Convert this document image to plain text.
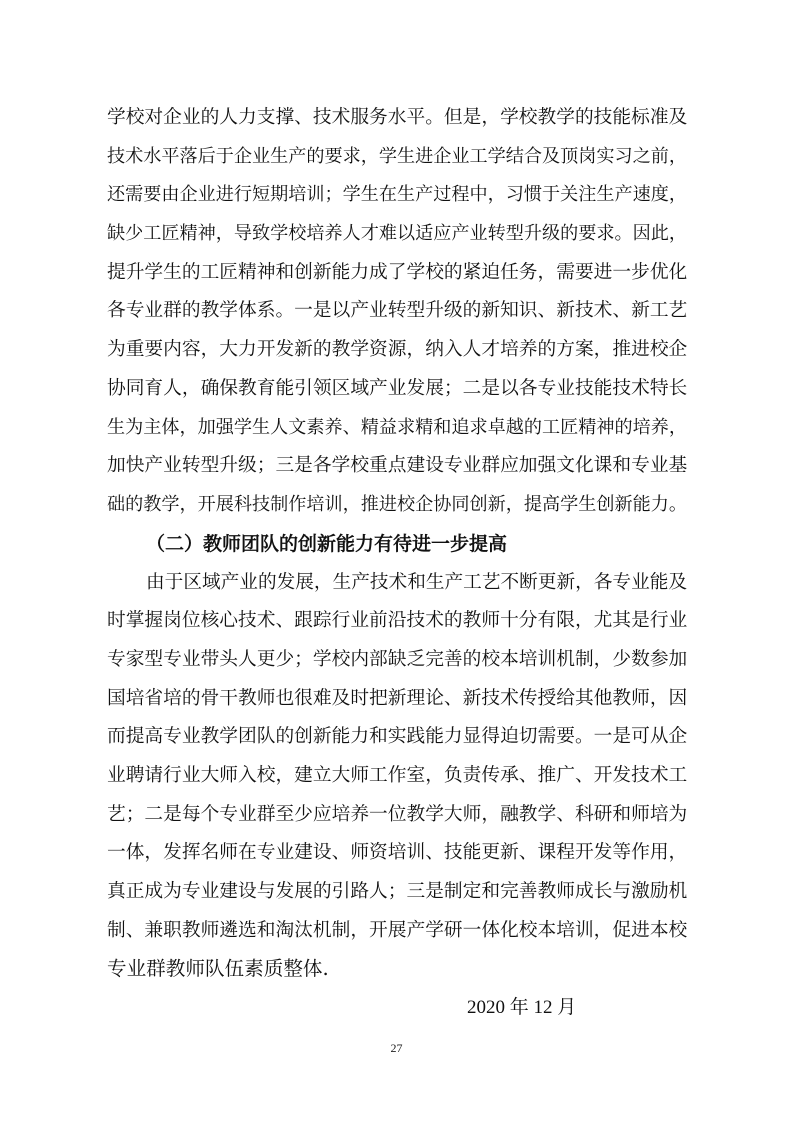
学校对企业的人力支撑、技术服务水平。但是，学校教学的技能标准及
技术水平落后于企业生产的要求，学生进企业工学结合及顶岗实习之前，
还需要由企业进行短期培训；学生在生产过程中，习惯于关注生产速度，
缺少工匠精神，导致学校培养人才难以适应产业转型升级的要求。因此，
提升学生的工匠精神和创新能力成了学校的紧迫任务，需要进一步优化
各专业群的教学体系。一是以产业转型升级的新知识、新技术、新工艺
为重要内容，大力开发新的教学资源，纳入人才培养的方案，推进校企
协同育人，确保教育能引领区域产业发展；二是以各专业技能技术特长
生为主体，加强学生人文素养、精益求精和追求卓越的工匠精神的培养，
加快产业转型升级；三是各学校重点建设专业群应加强文化课和专业基
础的教学，开展科技制作培训，推进校企协同创新，提高学生创新能力。
（二）教师团队的创新能力有待进一步提高
由于区域产业的发展，生产技术和生产工艺不断更新，各专业能及
时掌握岗位核心技术、跟踪行业前沿技术的教师十分有限，尤其是行业
专家型专业带头人更少；学校内部缺乏完善的校本培训机制，少数参加
国培省培的骨干教师也很难及时把新理论、新技术传授给其他教师，因
而提高专业教学团队的创新能力和实践能力显得迫切需要。一是可从企
业聘请行业大师入校，建立大师工作室，负责传承、推广、开发技术工
艺；二是每个专业群至少应培养一位教学大师，融教学、科研和师培为
一体，发挥名师在专业建设、师资培训、技能更新、课程开发等作用，
真正成为专业建设与发展的引路人；三是制定和完善教师成长与激励机
制、兼职教师遴选和淘汰机制，开展产学研一体化校本培训，促进本校
专业群教师队伍素质整体.
2020 年 12 月
27
